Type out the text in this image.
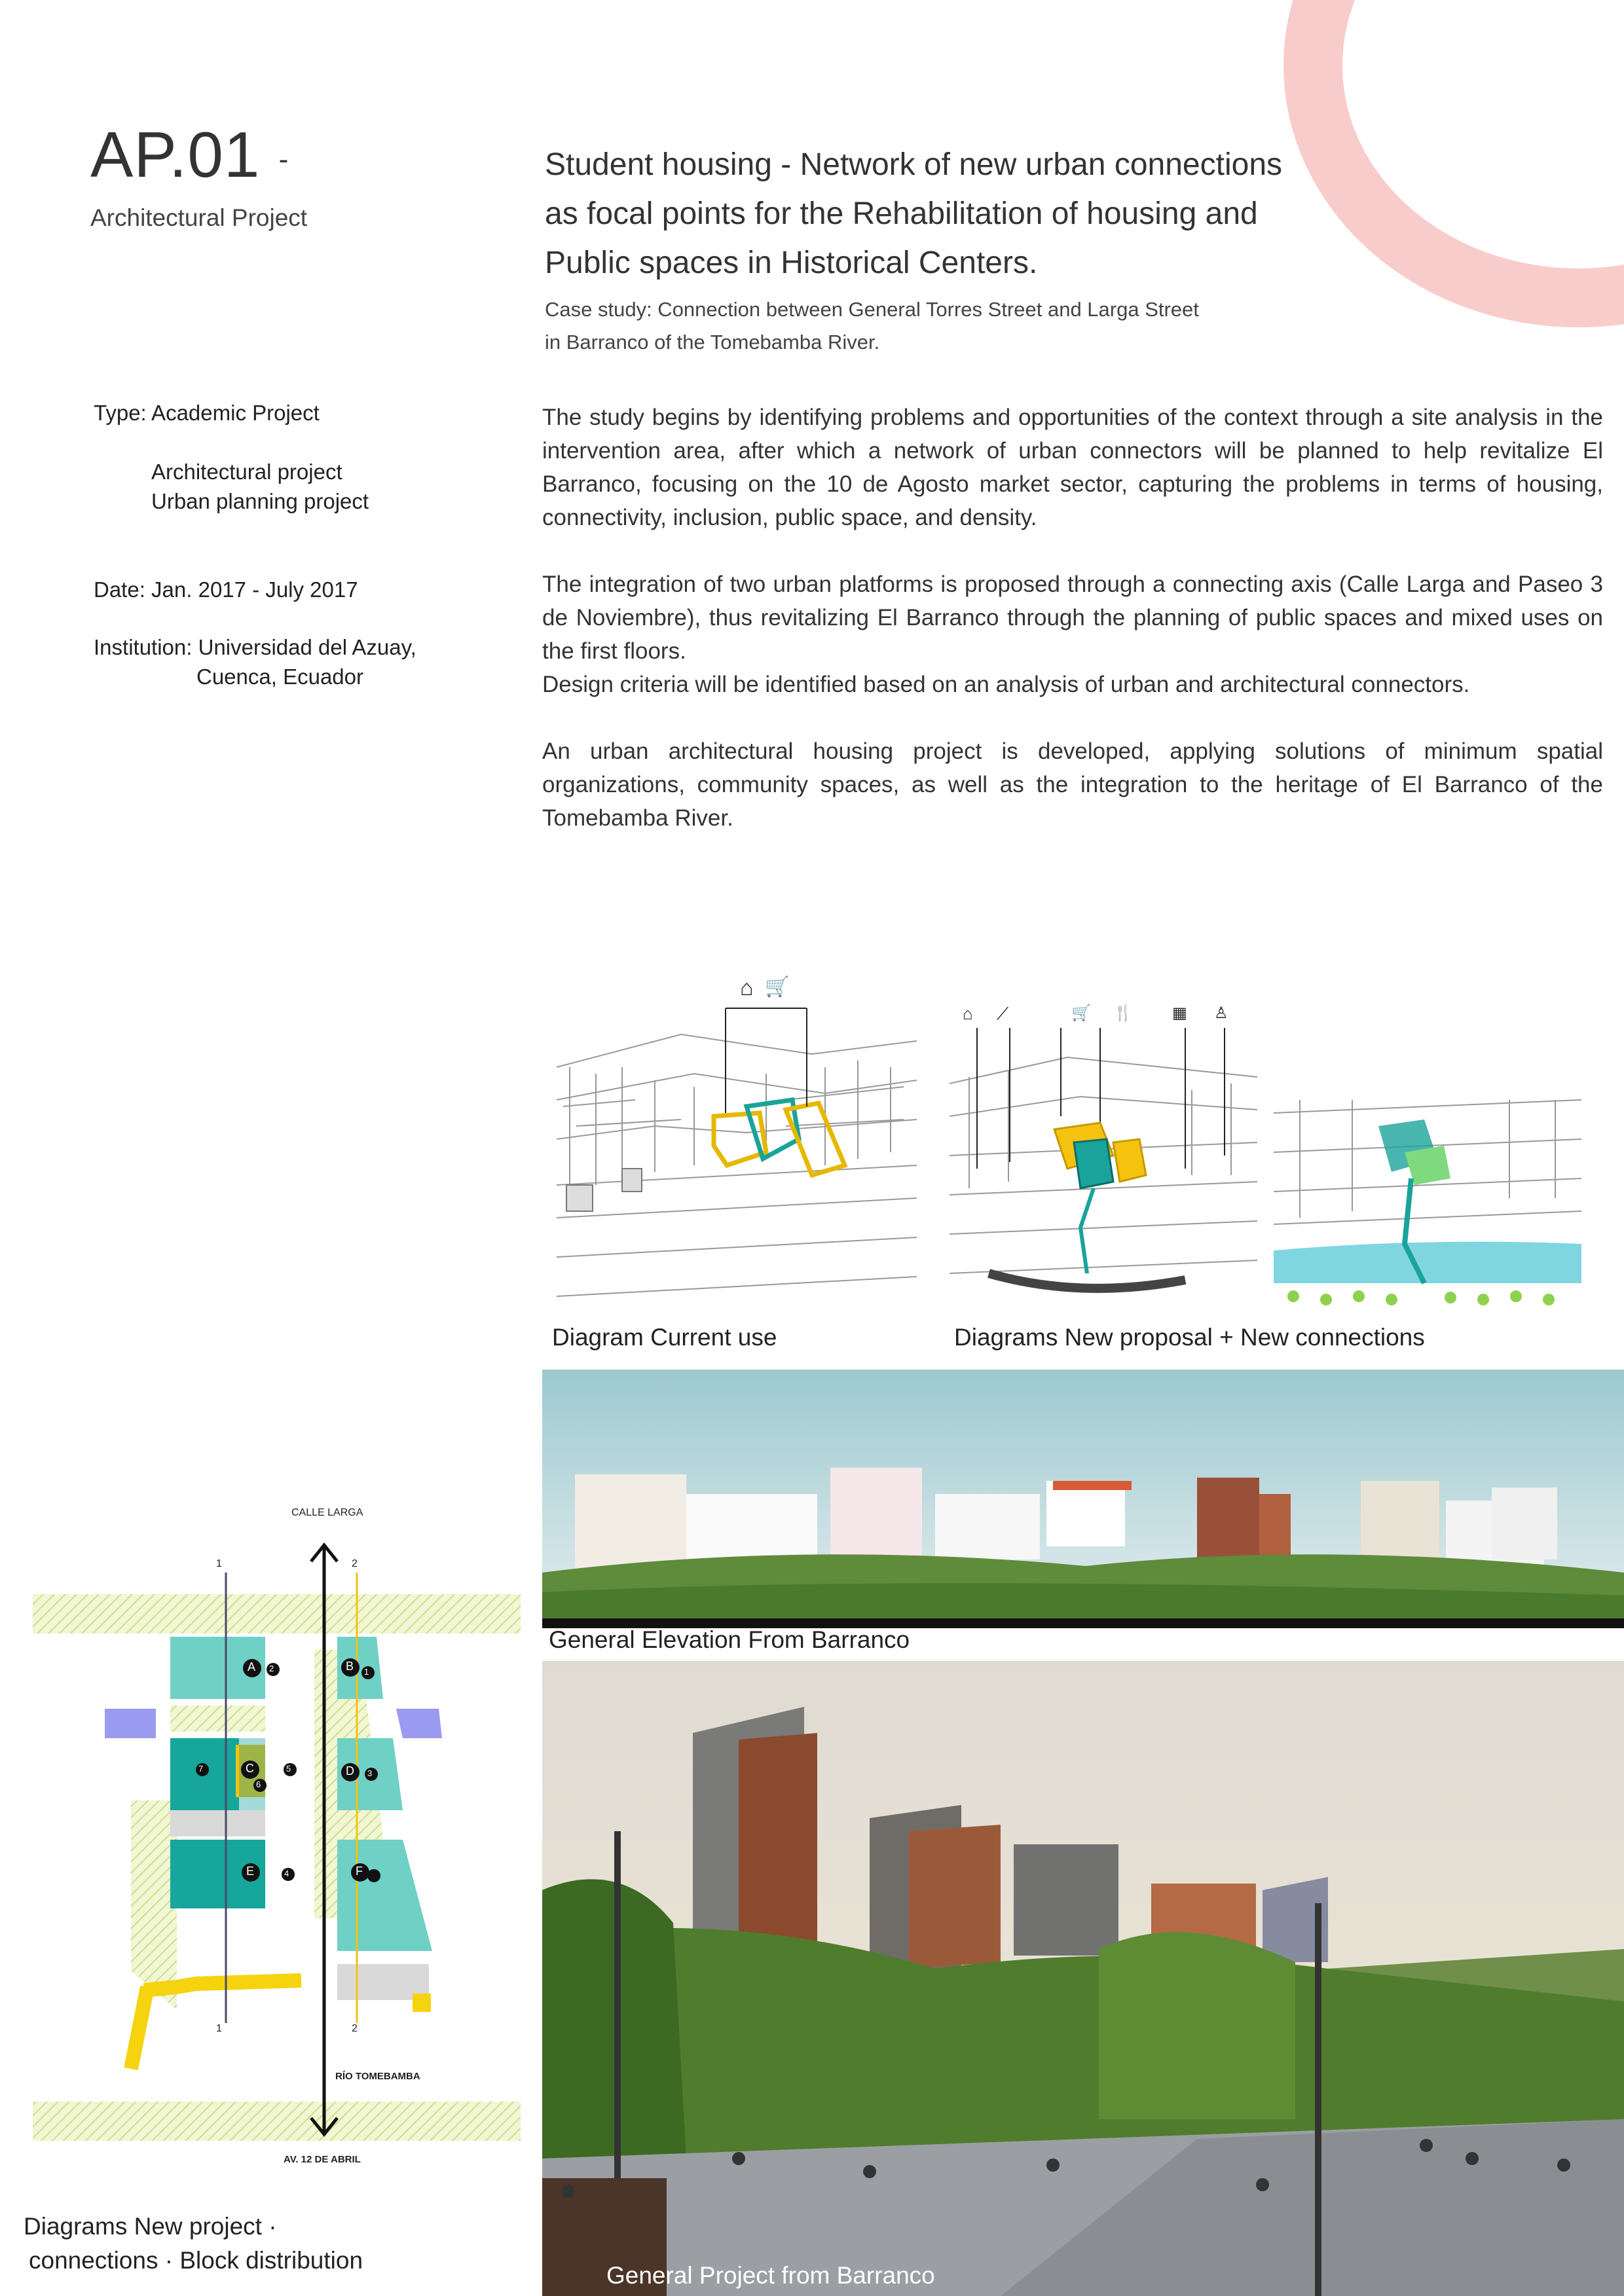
AP.01 -
Architectural Project
Student housing - Network of new urban connections
as focal points for the Rehabilitation of housing and
Public spaces in Historical Centers.
Case study: Connection between General Torres Street and Larga Street
in Barranco of the Tomebamba River.
Type: Academic Project
Architectural project
Urban planning project
Date: Jan. 2017 - July 2017
Institution: Universidad del Azuay,
Cuenca, Ecuador

The study begins by identifying problems and opportunities of the context through a site analysis in the intervention area, after which a network of urban connectors will be planned to help revitalize El Barranco, focusing on the 10 de Agosto market sector, capturing the problems in terms of housing, connectivity, inclusion, public space, and density.

The integration of two urban platforms is proposed through a connecting axis (Calle Larga and Paseo 3 de Noviembre), thus revitalizing El Barranco through the planning of public spaces and mixed uses on the first floors.

Design criteria will be identified based on an analysis of urban and architectural connectors.

An urban architectural housing project is developed, applying solutions of minimum spatial organizations, community spaces, as well as the integration to the heritage of El Barranco of the Tomebamba River.

⌂ 🛒
Diagram Current use
⌂ ⟋	🛒 🍴	▦ ♙
Diagrams New proposal + New connections
General Elevation From Barranco
General Project from Barranco
CALLE LARGA
RÍO TOMEBAMBA
AV. 12 DE ABRIL
1
1
2
2
A	B
C	D
E	F
1
2
3
4
5
6
7
Diagrams New project ·
connections · Block distribution
